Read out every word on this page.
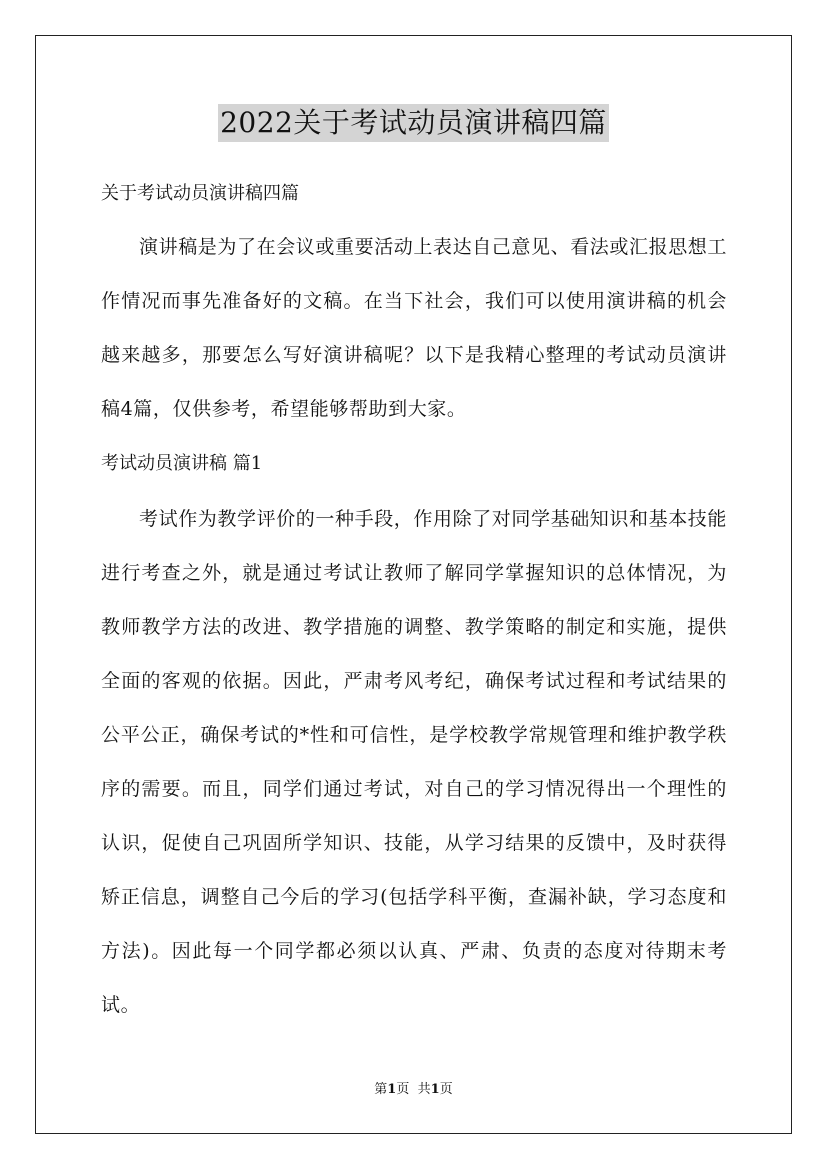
2022关于考试动员演讲稿四篇
关于考试动员演讲稿四篇
演讲稿是为了在会议或重要活动上表达自己意见、看法或汇报思想工作情况而事先准备好的文稿。在当下社会，我们可以使用演讲稿的机会越来越多，那要怎么写好演讲稿呢？以下是我精心整理的考试动员演讲稿4篇，仅供参考，希望能够帮助到大家。
考试动员演讲稿 篇1
考试作为教学评价的一种手段，作用除了对同学基础知识和基本技能进行考查之外，就是通过考试让教师了解同学掌握知识的总体情况，为教师教学方法的改进、教学措施的调整、教学策略的制定和实施，提供全面的客观的依据。因此，严肃考风考纪，确保考试过程和考试结果的公平公正，确保考试的*性和可信性，是学校教学常规管理和维护教学秩序的需要。而且，同学们通过考试，对自己的学习情况得出一个理性的认识，促使自己巩固所学知识、技能，从学习结果的反馈中，及时获得矫正信息，调整自己今后的学习(包括学科平衡，查漏补缺，学习态度和方法)。因此每一个同学都必须以认真、严肃、负责的态度对待期末考试。
第1页 共1页
